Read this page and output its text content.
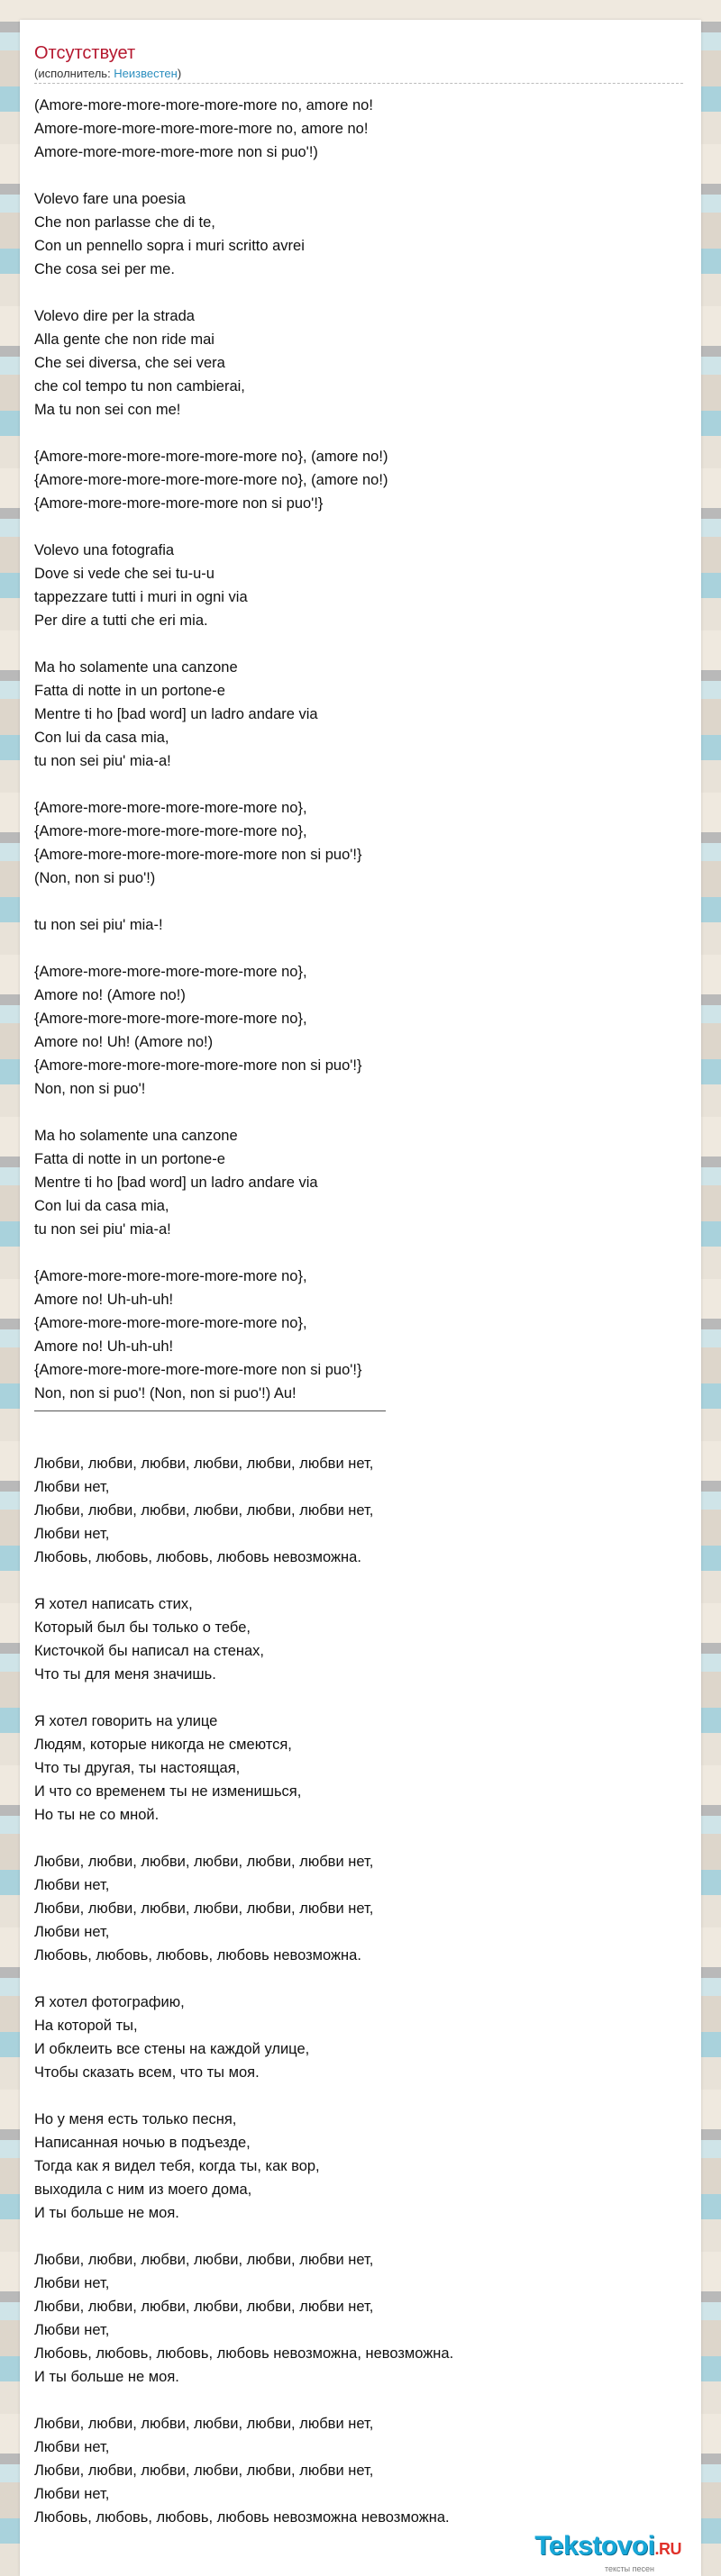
Отсутствует
(исполнитель: Неизвестен)
(Amore-more-more-more-more-more no, amore no!
Amore-more-more-more-more-more no, amore no!
Amore-more-more-more-more non si puo'!)
Volevo fare una poesia
Che non parlasse che di te,
Con un pennello sopra i muri scritto avrei
Che cosa sei per me.
Volevo dire per la strada
Alla gente che non ride mai
Che sei diversa, che sei vera
che col tempo tu non cambierai,
Ma tu non sei con me!
{Amore-more-more-more-more-more no}, (amore no!)
{Amore-more-more-more-more-more no}, (amore no!)
{Amore-more-more-more-more non si puo'!}
Volevo una fotografia
Dove si vede che sei tu-u-u
tappezzare tutti i muri in ogni via
Per dire a tutti che eri mia.
Ma ho solamente una canzone
Fatta di notte in un portone-e
Mentre ti ho [bad word] un ladro andare via
Con lui da casa mia,
tu non sei piu' mia-a!
{Amore-more-more-more-more-more no},
{Amore-more-more-more-more-more no},
{Amore-more-more-more-more-more non si puo'!}
(Non, non si puo'!)
tu non sei piu' mia-!
{Amore-more-more-more-more-more no},
Amore no! (Amore no!)
{Amore-more-more-more-more-more no},
Amore no! Uh! (Amore no!)
{Amore-more-more-more-more-more non si puo'!}
Non, non si puo'!
Ma ho solamente una canzone
Fatta di notte in un portone-e
Mentre ti ho [bad word] un ladro andare via
Con lui da casa mia,
tu non sei piu' mia-a!
{Amore-more-more-more-more-more no},
Amore no! Uh-uh-uh!
{Amore-more-more-more-more-more no},
Amore no! Uh-uh-uh!
{Amore-more-more-more-more-more non si puo'!}
Non, non si puo'! (Non, non si puo'!) Au!
Любви, любви, любви, любви, любви, любви нет,
Любви нет,
Любви, любви, любви, любви, любви, любви нет,
Любви нет,
Любовь, любовь, любовь, любовь невозможна.
Я хотел написать стих,
Который был бы только о тебе,
Кисточкой бы написал на стенах,
Что ты для меня значишь.
Я хотел говорить на улице
Людям, которые никогда не смеются,
Что ты другая, ты настоящая,
И что со временем ты не изменишься,
Но ты не со мной.
Любви, любви, любви, любви, любви, любви нет,
Любви нет,
Любви, любви, любви, любви, любви, любви нет,
Любви нет,
Любовь, любовь, любовь, любовь невозможна.
Я хотел фотографию,
На которой ты,
И обклеить все стены на каждой улице,
Чтобы сказать всем, что ты моя.
Но у меня есть только песня,
Написанная ночью в подъезде,
Тогда как я видел тебя, когда ты, как вор,
выходила с ним из моего дома,
И ты больше не моя.
Любви, любви, любви, любви, любви, любви нет,
Любви нет,
Любви, любви, любви, любви, любви, любви нет,
Любви нет,
Любовь, любовь, любовь, любовь невозможна, невозможна.
И ты больше не моя.
Любви, любви, любви, любви, любви, любви нет,
Любви нет,
Любви, любви, любви, любви, любви, любви нет,
Любви нет,
Любовь, любовь, любовь, любовь невозможна невозможна.
Tekstovoi.RU
тексты песен
